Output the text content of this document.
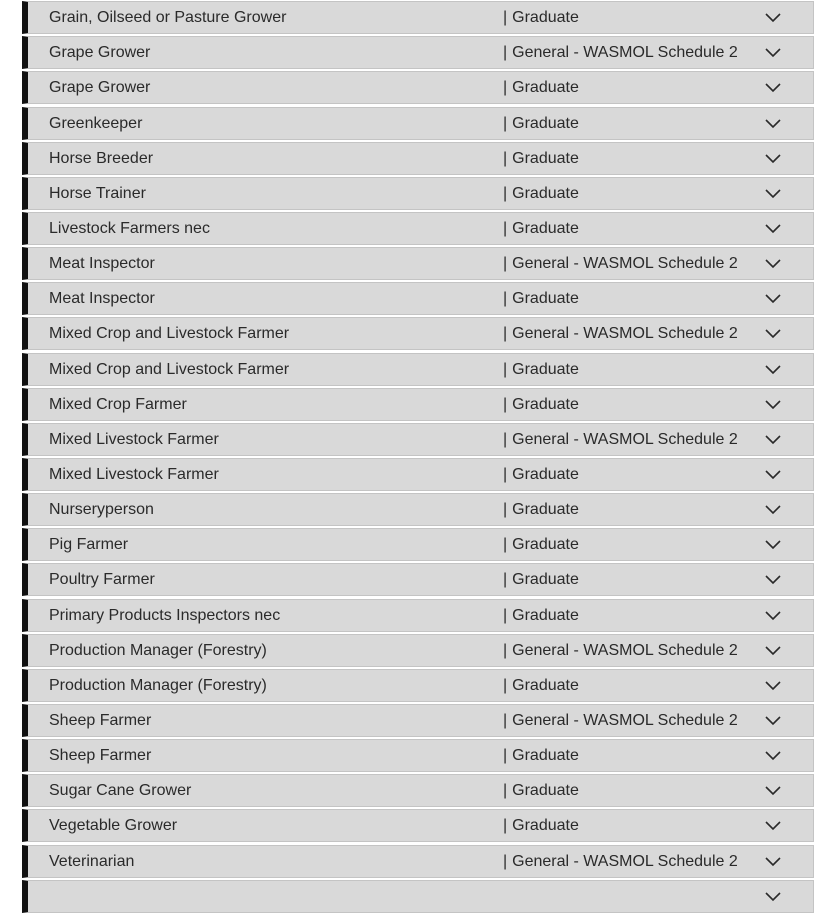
Grain, Oilseed or Pasture Grower	| Graduate
Grape Grower	| General - WASMOL Schedule 2
Grape Grower	| Graduate
Greenkeeper	| Graduate
Horse Breeder	| Graduate
Horse Trainer	| Graduate
Livestock Farmers nec	| Graduate
Meat Inspector	| General - WASMOL Schedule 2
Meat Inspector	| Graduate
Mixed Crop and Livestock Farmer	| General - WASMOL Schedule 2
Mixed Crop and Livestock Farmer	| Graduate
Mixed Crop Farmer	| Graduate
Mixed Livestock Farmer	| General - WASMOL Schedule 2
Mixed Livestock Farmer	| Graduate
Nurseryperson	| Graduate
Pig Farmer	| Graduate
Poultry Farmer	| Graduate
Primary Products Inspectors nec	| Graduate
Production Manager (Forestry)	| General - WASMOL Schedule 2
Production Manager (Forestry)	| Graduate
Sheep Farmer	| General - WASMOL Schedule 2
Sheep Farmer	| Graduate
Sugar Cane Grower	| Graduate
Vegetable Grower	| Graduate
Veterinarian	| General - WASMOL Schedule 2
